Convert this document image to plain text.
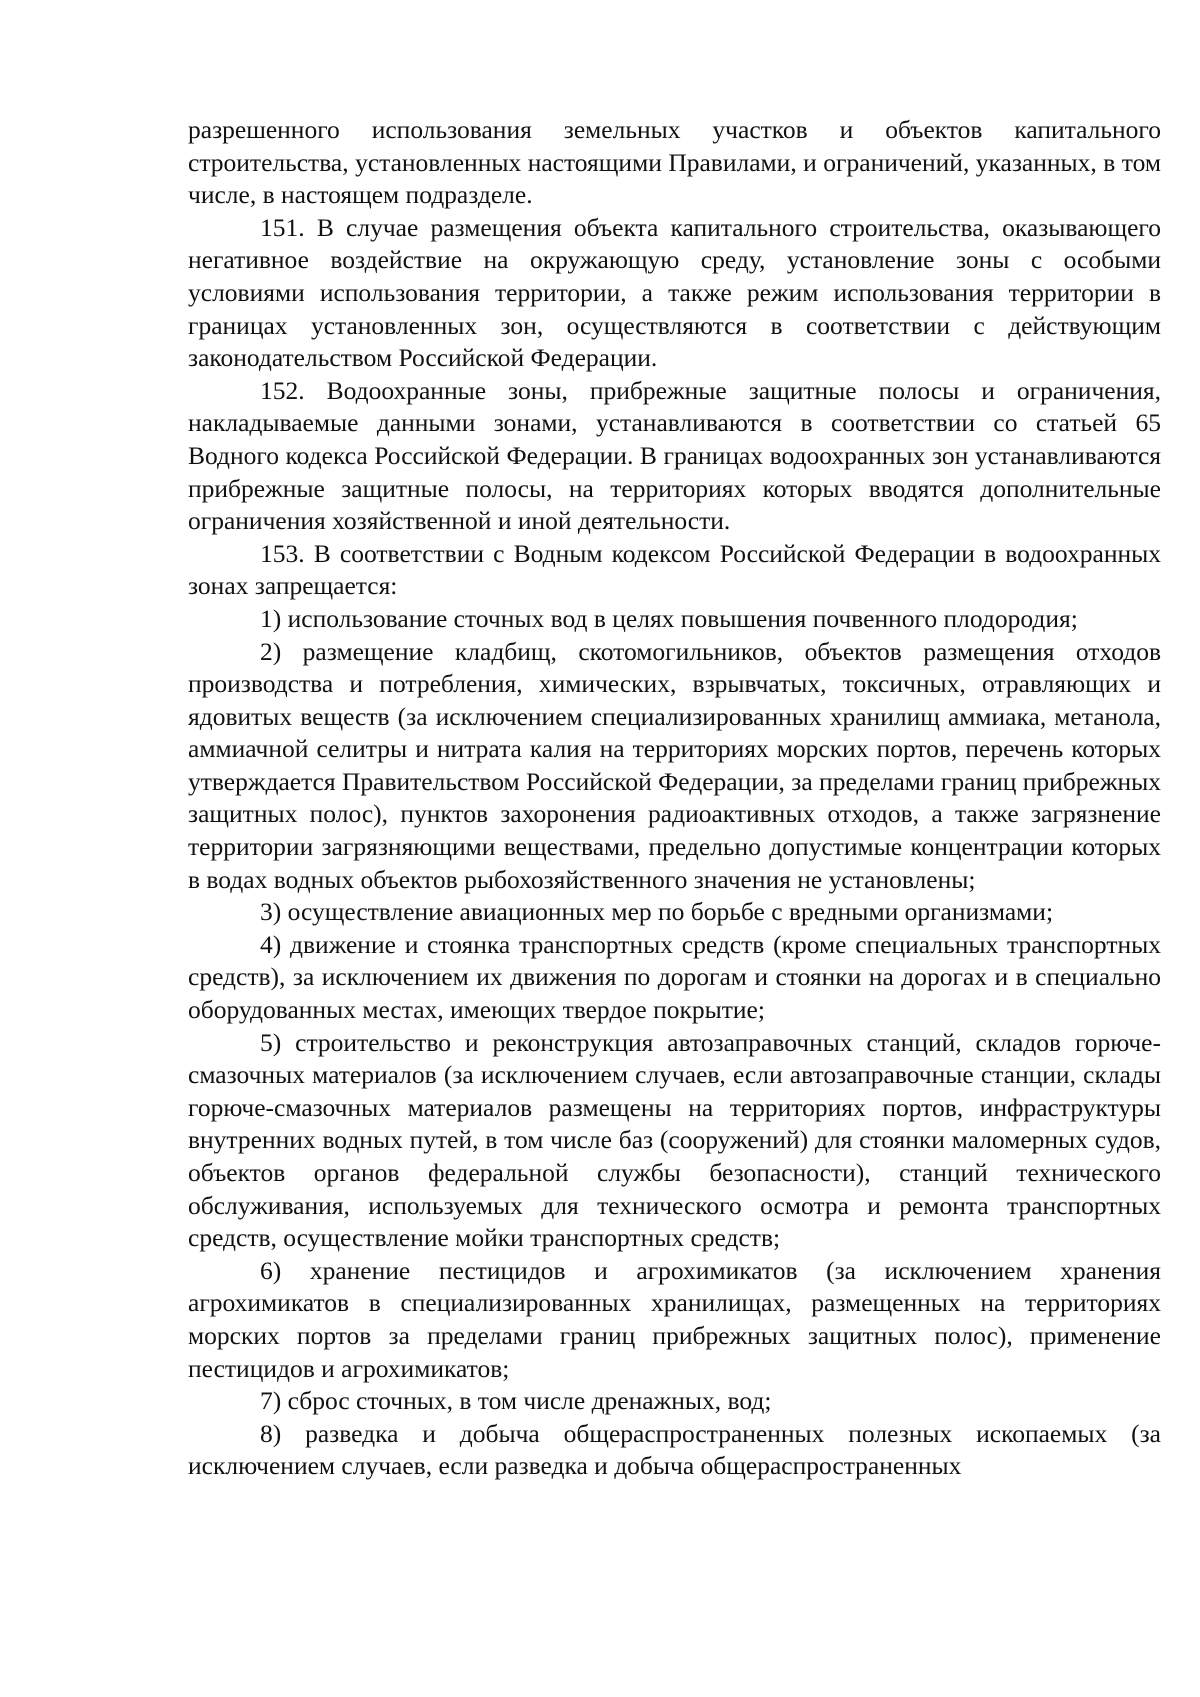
разрешенного использования земельных участков и объектов капитального строительства, установленных настоящими Правилами, и ограничений, указанных, в том числе, в настоящем подразделе.

151. В случае размещения объекта капитального строительства, оказывающего негативное воздействие на окружающую среду, установление зоны с особыми условиями использования территории, а также режим использования территории в границах установленных зон, осуществляются в соответствии с действующим законодательством Российской Федерации.

152. Водоохранные зоны, прибрежные защитные полосы и ограничения, накладываемые данными зонами, устанавливаются в соответствии со статьей 65 Водного кодекса Российской Федерации. В границах водоохранных зон устанавливаются прибрежные защитные полосы, на территориях которых вводятся дополнительные ограничения хозяйственной и иной деятельности.

153. В соответствии с Водным кодексом Российской Федерации в водоохранных зонах запрещается:

1) использование сточных вод в целях повышения почвенного плодородия;

2) размещение кладбищ, скотомогильников, объектов размещения отходов производства и потребления, химических, взрывчатых, токсичных, отравляющих и ядовитых веществ (за исключением специализированных хранилищ аммиака, метанола, аммиачной селитры и нитрата калия на территориях морских портов, перечень которых утверждается Правительством Российской Федерации, за пределами границ прибрежных защитных полос), пунктов захоронения радиоактивных отходов, а также загрязнение территории загрязняющими веществами, предельно допустимые концентрации которых в водах водных объектов рыбохозяйственного значения не установлены;

3) осуществление авиационных мер по борьбе с вредными организмами;

4) движение и стоянка транспортных средств (кроме специальных транспортных средств), за исключением их движения по дорогам и стоянки на дорогах и в специально оборудованных местах, имеющих твердое покрытие;

5) строительство и реконструкция автозаправочных станций, складов горюче-смазочных материалов (за исключением случаев, если автозаправочные станции, склады горюче-смазочных материалов размещены на территориях портов, инфраструктуры внутренних водных путей, в том числе баз (сооружений) для стоянки маломерных судов, объектов органов федеральной службы безопасности), станций технического обслуживания, используемых для технического осмотра и ремонта транспортных средств, осуществление мойки транспортных средств;

6) хранение пестицидов и агрохимикатов (за исключением хранения агрохимикатов в специализированных хранилищах, размещенных на территориях морских портов за пределами границ прибрежных защитных полос), применение пестицидов и агрохимикатов;

7) сброс сточных, в том числе дренажных, вод;

8) разведка и добыча общераспространенных полезных ископаемых (за исключением случаев, если разведка и добыча общераспространенных
